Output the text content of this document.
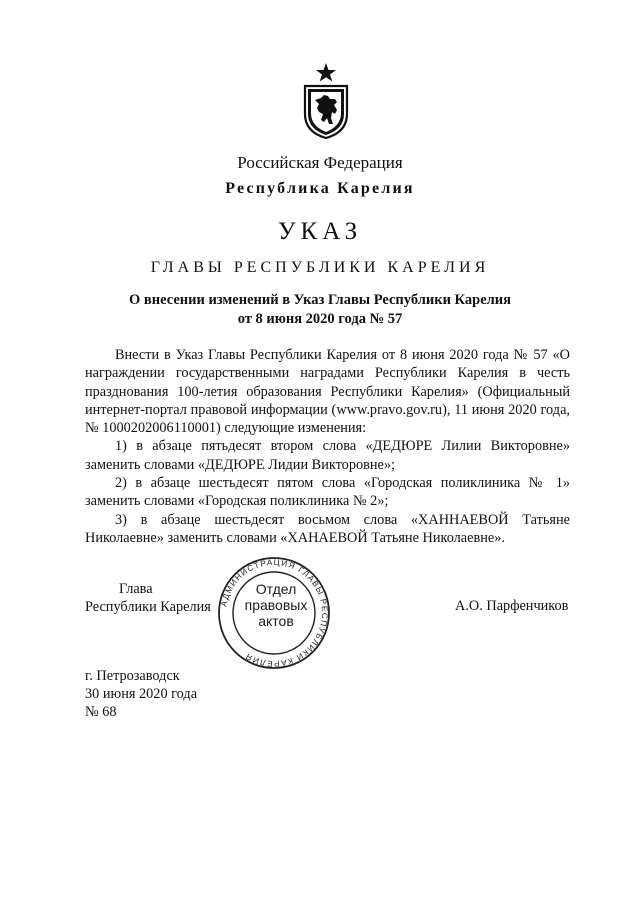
Российская Федерация
Республика Карелия
УКАЗ
ГЛАВЫ РЕСПУБЛИКИ КАРЕЛИЯ
О внесении изменений в Указ Главы Республики Карелия
от 8 июня 2020 года № 57

Внести в Указ Главы Республики Карелия от 8 июня 2020 года № 57 «О награждении государственными наградами Республики Карелия в честь празднования 100-летия образования Республики Карелия» (Официальный интернет-портал правовой информации (www.pravo.gov.ru), 11 июня 2020 года, № 1000202006110001) следующие изменения:

1) в абзаце пятьдесят втором слова «ДЕДЮРЕ Лилии Викторовне» заменить словами «ДЕДЮРЕ Лидии Викторовне»;

2) в абзаце шестьдесят пятом слова «Городская поликлиника № 1» заменить словами «Городская поликлиника № 2»;

3) в абзаце шестьдесят восьмом слова «ХАННАЕВОЙ Татьяне Николаевне» заменить словами «ХАНАЕВОЙ Татьяне Николаевне».

Глава
Республики Карелия АДМИНИСТРАЦИЯ ГЛАВЫ РЕСПУБЛИКИ КАРЕЛИЯ
Отдел
правовых
актов
А.О. Парфенчиков
г. Петрозаводск
30 июня 2020 года
№ 68
